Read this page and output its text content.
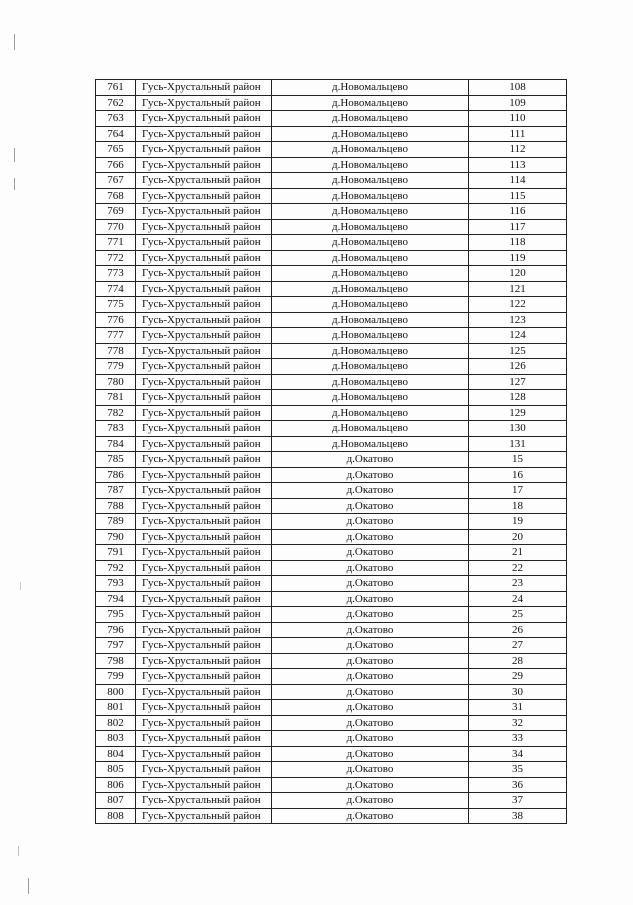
761	Гусь-Хрустальный район	д.Новомальцево	108
762	Гусь-Хрустальный район	д.Новомальцево	109
763	Гусь-Хрустальный район	д.Новомальцево	110
764	Гусь-Хрустальный район	д.Новомальцево	111
765	Гусь-Хрустальный район	д.Новомальцево	112
766	Гусь-Хрустальный район	д.Новомальцево	113
767	Гусь-Хрустальный район	д.Новомальцево	114
768	Гусь-Хрустальный район	д.Новомальцево	115
769	Гусь-Хрустальный район	д.Новомальцево	116
770	Гусь-Хрустальный район	д.Новомальцево	117
771	Гусь-Хрустальный район	д.Новомальцево	118
772	Гусь-Хрустальный район	д.Новомальцево	119
773	Гусь-Хрустальный район	д.Новомальцево	120
774	Гусь-Хрустальный район	д.Новомальцево	121
775	Гусь-Хрустальный район	д.Новомальцево	122
776	Гусь-Хрустальный район	д.Новомальцево	123
777	Гусь-Хрустальный район	д.Новомальцево	124
778	Гусь-Хрустальный район	д.Новомальцево	125
779	Гусь-Хрустальный район	д.Новомальцево	126
780	Гусь-Хрустальный район	д.Новомальцево	127
781	Гусь-Хрустальный район	д.Новомальцево	128
782	Гусь-Хрустальный район	д.Новомальцево	129
783	Гусь-Хрустальный район	д.Новомальцево	130
784	Гусь-Хрустальный район	д.Новомальцево	131
785	Гусь-Хрустальный район	д.Окатово	15
786	Гусь-Хрустальный район	д.Окатово	16
787	Гусь-Хрустальный район	д.Окатово	17
788	Гусь-Хрустальный район	д.Окатово	18
789	Гусь-Хрустальный район	д.Окатово	19
790	Гусь-Хрустальный район	д.Окатово	20
791	Гусь-Хрустальный район	д.Окатово	21
792	Гусь-Хрустальный район	д.Окатово	22
793	Гусь-Хрустальный район	д.Окатово	23
794	Гусь-Хрустальный район	д.Окатово	24
795	Гусь-Хрустальный район	д.Окатово	25
796	Гусь-Хрустальный район	д.Окатово	26
797	Гусь-Хрустальный район	д.Окатово	27
798	Гусь-Хрустальный район	д.Окатово	28
799	Гусь-Хрустальный район	д.Окатово	29
800	Гусь-Хрустальный район	д.Окатово	30
801	Гусь-Хрустальный район	д.Окатово	31
802	Гусь-Хрустальный район	д.Окатово	32
803	Гусь-Хрустальный район	д.Окатово	33
804	Гусь-Хрустальный район	д.Окатово	34
805	Гусь-Хрустальный район	д.Окатово	35
806	Гусь-Хрустальный район	д.Окатово	36
807	Гусь-Хрустальный район	д.Окатово	37
808	Гусь-Хрустальный район	д.Окатово	38
